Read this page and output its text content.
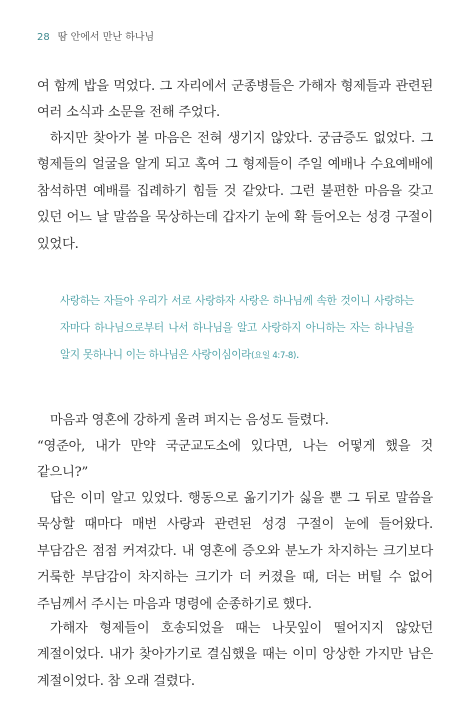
28 땀 안에서 만난 하나님
여 함께 밥을 먹었다. 그 자리에서 군종병들은 가해자 형제들과 관련된 여러 소식과 소문을 전해 주었다.
하지만 찾아가 볼 마음은 전혀 생기지 않았다. 궁금증도 없었다. 그 형제들의 얼굴을 알게 되고 혹여 그 형제들이 주일 예배나 수요예배에 참석하면 예배를 집례하기 힘들 것 같았다. 그런 불편한 마음을 갖고 있던 어느 날 말씀을 묵상하는데 갑자기 눈에 확 들어오는 성경 구절이 있었다.
사랑하는 자들아 우리가 서로 사랑하자 사랑은 하나님께 속한 것이니 사랑하는 자마다 하나님으로부터 나서 하나님을 알고 사랑하지 아니하는 자는 하나님을 알지 못하나니 이는 하나님은 사랑이심이라(요일 4:7-8).
마음과 영혼에 강하게 울려 퍼지는 음성도 들렸다.
“영준아, 내가 만약 국군교도소에 있다면, 나는 어떻게 했을 것 같으니?”
답은 이미 알고 있었다. 행동으로 옮기기가 싫을 뿐 그 뒤로 말씀을 묵상할 때마다 매번 사랑과 관련된 성경 구절이 눈에 들어왔다. 부담감은 점점 커져갔다. 내 영혼에 증오와 분노가 차지하는 크기보다 거룩한 부담감이 차지하는 크기가 더 커졌을 때, 더는 버틸 수 없어 주님께서 주시는 마음과 명령에 순종하기로 했다.
가해자 형제들이 호송되었을 때는 나뭇잎이 떨어지지 않았던 계절이었다. 내가 찾아가기로 결심했을 때는 이미 앙상한 가지만 남은 계절이었다. 참 오래 걸렸다.
